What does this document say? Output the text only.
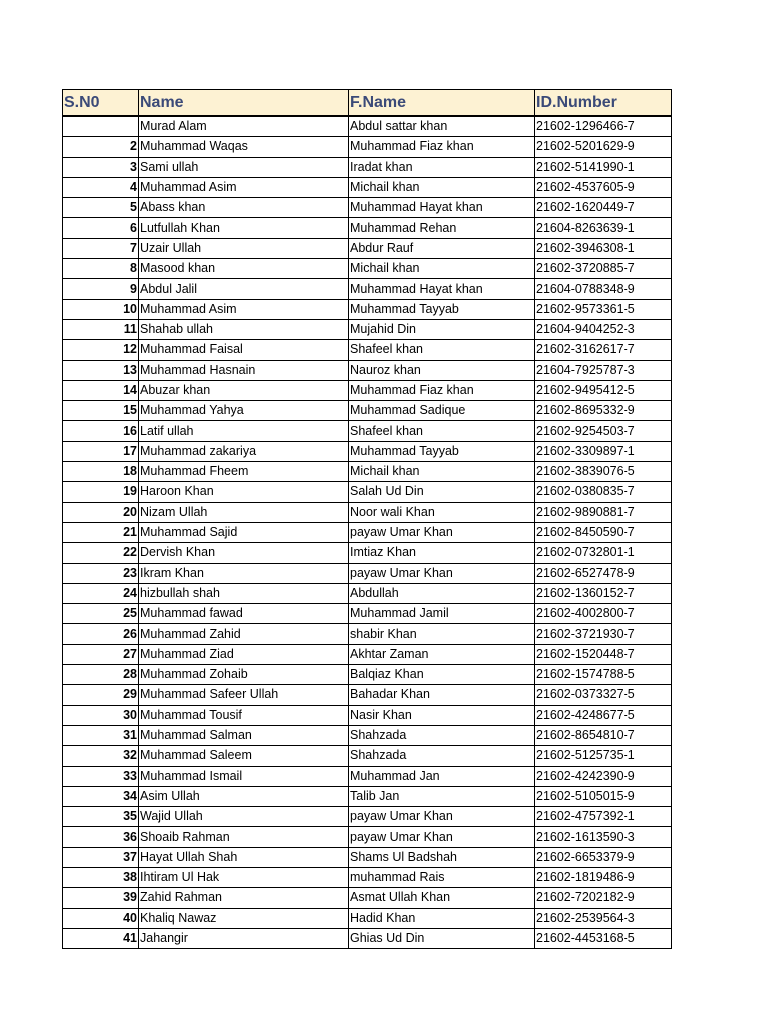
S.N0	Name	F.Name	ID.Number
	Murad Alam	Abdul sattar khan	21602-1296466-7
2	Muhammad Waqas	Muhammad Fiaz khan	21602-5201629-9
3	Sami ullah	Iradat khan	21602-5141990-1
4	Muhammad Asim	Michail khan	21602-4537605-9
5	Abass khan	Muhammad Hayat khan	21602-1620449-7
6	Lutfullah Khan	Muhammad Rehan	21604-8263639-1
7	Uzair Ullah	Abdur Rauf	21602-3946308-1
8	Masood khan	Michail khan	21602-3720885-7
9	Abdul Jalil	Muhammad Hayat khan	21604-0788348-9
10	Muhammad Asim	Muhammad Tayyab	21602-9573361-5
11	Shahab ullah	Mujahid Din	21604-9404252-3
12	Muhammad Faisal	Shafeel khan	21602-3162617-7
13	Muhammad Hasnain	Nauroz khan	21604-7925787-3
14	Abuzar khan	Muhammad Fiaz khan	21602-9495412-5
15	Muhammad Yahya	Muhammad Sadique	21602-8695332-9
16	Latif ullah	Shafeel khan	21602-9254503-7
17	Muhammad zakariya	Muhammad Tayyab	21602-3309897-1
18	Muhammad Fheem	Michail khan	21602-3839076-5
19	Haroon Khan	Salah Ud Din	21602-0380835-7
20	Nizam Ullah	Noor wali Khan	21602-9890881-7
21	Muhammad Sajid	payaw Umar Khan	21602-8450590-7
22	Dervish Khan	Imtiaz Khan	21602-0732801-1
23	Ikram Khan	payaw Umar Khan	21602-6527478-9
24	hizbullah shah	Abdullah	21602-1360152-7
25	Muhammad fawad	Muhammad Jamil	21602-4002800-7
26	Muhammad Zahid	shabir Khan	21602-3721930-7
27	Muhammad Ziad	Akhtar Zaman	21602-1520448-7
28	Muhammad Zohaib	Balqiaz Khan	21602-1574788-5
29	Muhammad Safeer Ullah	Bahadar Khan	21602-0373327-5
30	Muhammad Tousif	Nasir Khan	21602-4248677-5
31	Muhammad Salman	Shahzada	21602-8654810-7
32	Muhammad Saleem	Shahzada	21602-5125735-1
33	Muhammad Ismail	Muhammad Jan	21602-4242390-9
34	Asim Ullah	Talib Jan	21602-5105015-9
35	Wajid Ullah	payaw Umar Khan	21602-4757392-1
36	Shoaib Rahman	payaw Umar Khan	21602-1613590-3
37	Hayat Ullah Shah	Shams Ul Badshah	21602-6653379-9
38	Ihtiram Ul Hak	muhammad Rais	21602-1819486-9
39	Zahid Rahman	Asmat Ullah Khan	21602-7202182-9
40	Khaliq Nawaz	Hadid Khan	21602-2539564-3
41	Jahangir	Ghias Ud Din	21602-4453168-5
